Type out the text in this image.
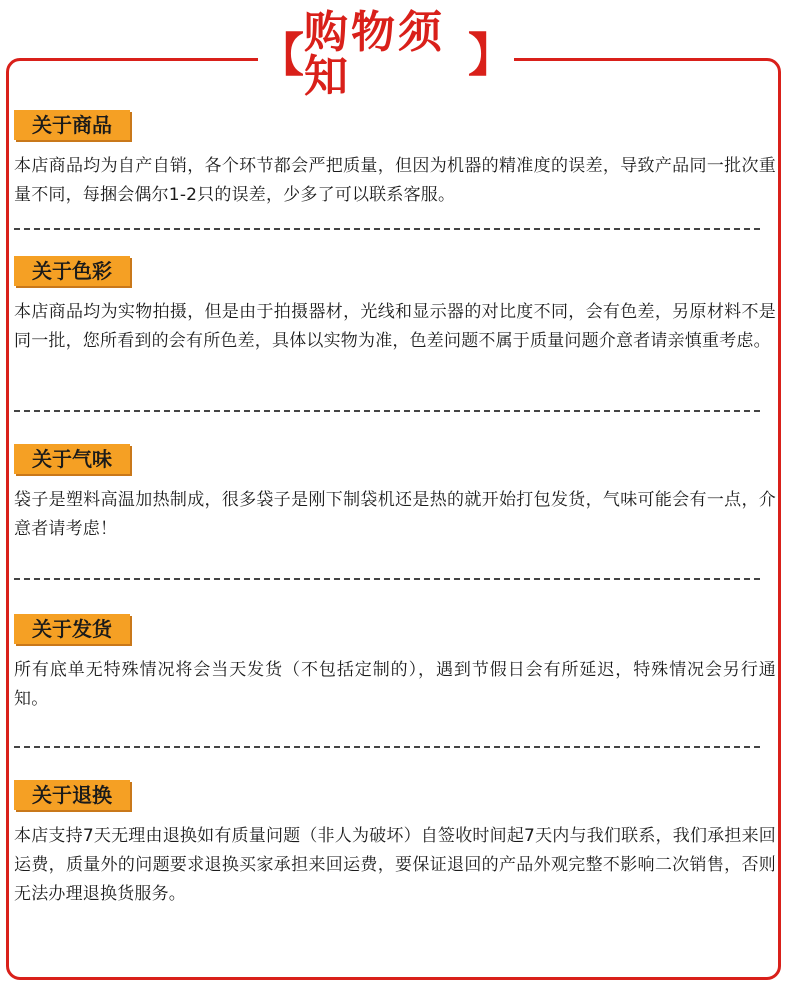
【 购物须知	】
关于商品
本店商品均为自产自销，各个环节都会严把质量，但因为机器的精准度的误差，导致产品同一批次重量不同，每捆会偶尔1-2只的误差，少多了可以联系客服。
关于色彩
本店商品均为实物拍摄，但是由于拍摄器材，光线和显示器的对比度不同，会有色差，另原材料不是同一批，您所看到的会有所色差，具体以实物为准，色差问题不属于质量问题介意者请亲慎重考虑。
关于气味
袋子是塑料高温加热制成，很多袋子是刚下制袋机还是热的就开始打包发货，气味可能会有一点，介意者请考虑！
关于发货
所有底单无特殊情况将会当天发货（不包括定制的），遇到节假日会有所延迟，特殊情况会另行通知。
关于退换
本店支持7天无理由退换如有质量问题（非人为破坏）自签收时间起7天内与我们联系，我们承担来回运费，质量外的问题要求退换买家承担来回运费，要保证退回的产品外观完整不影响二次销售，否则无法办理退换货服务。
